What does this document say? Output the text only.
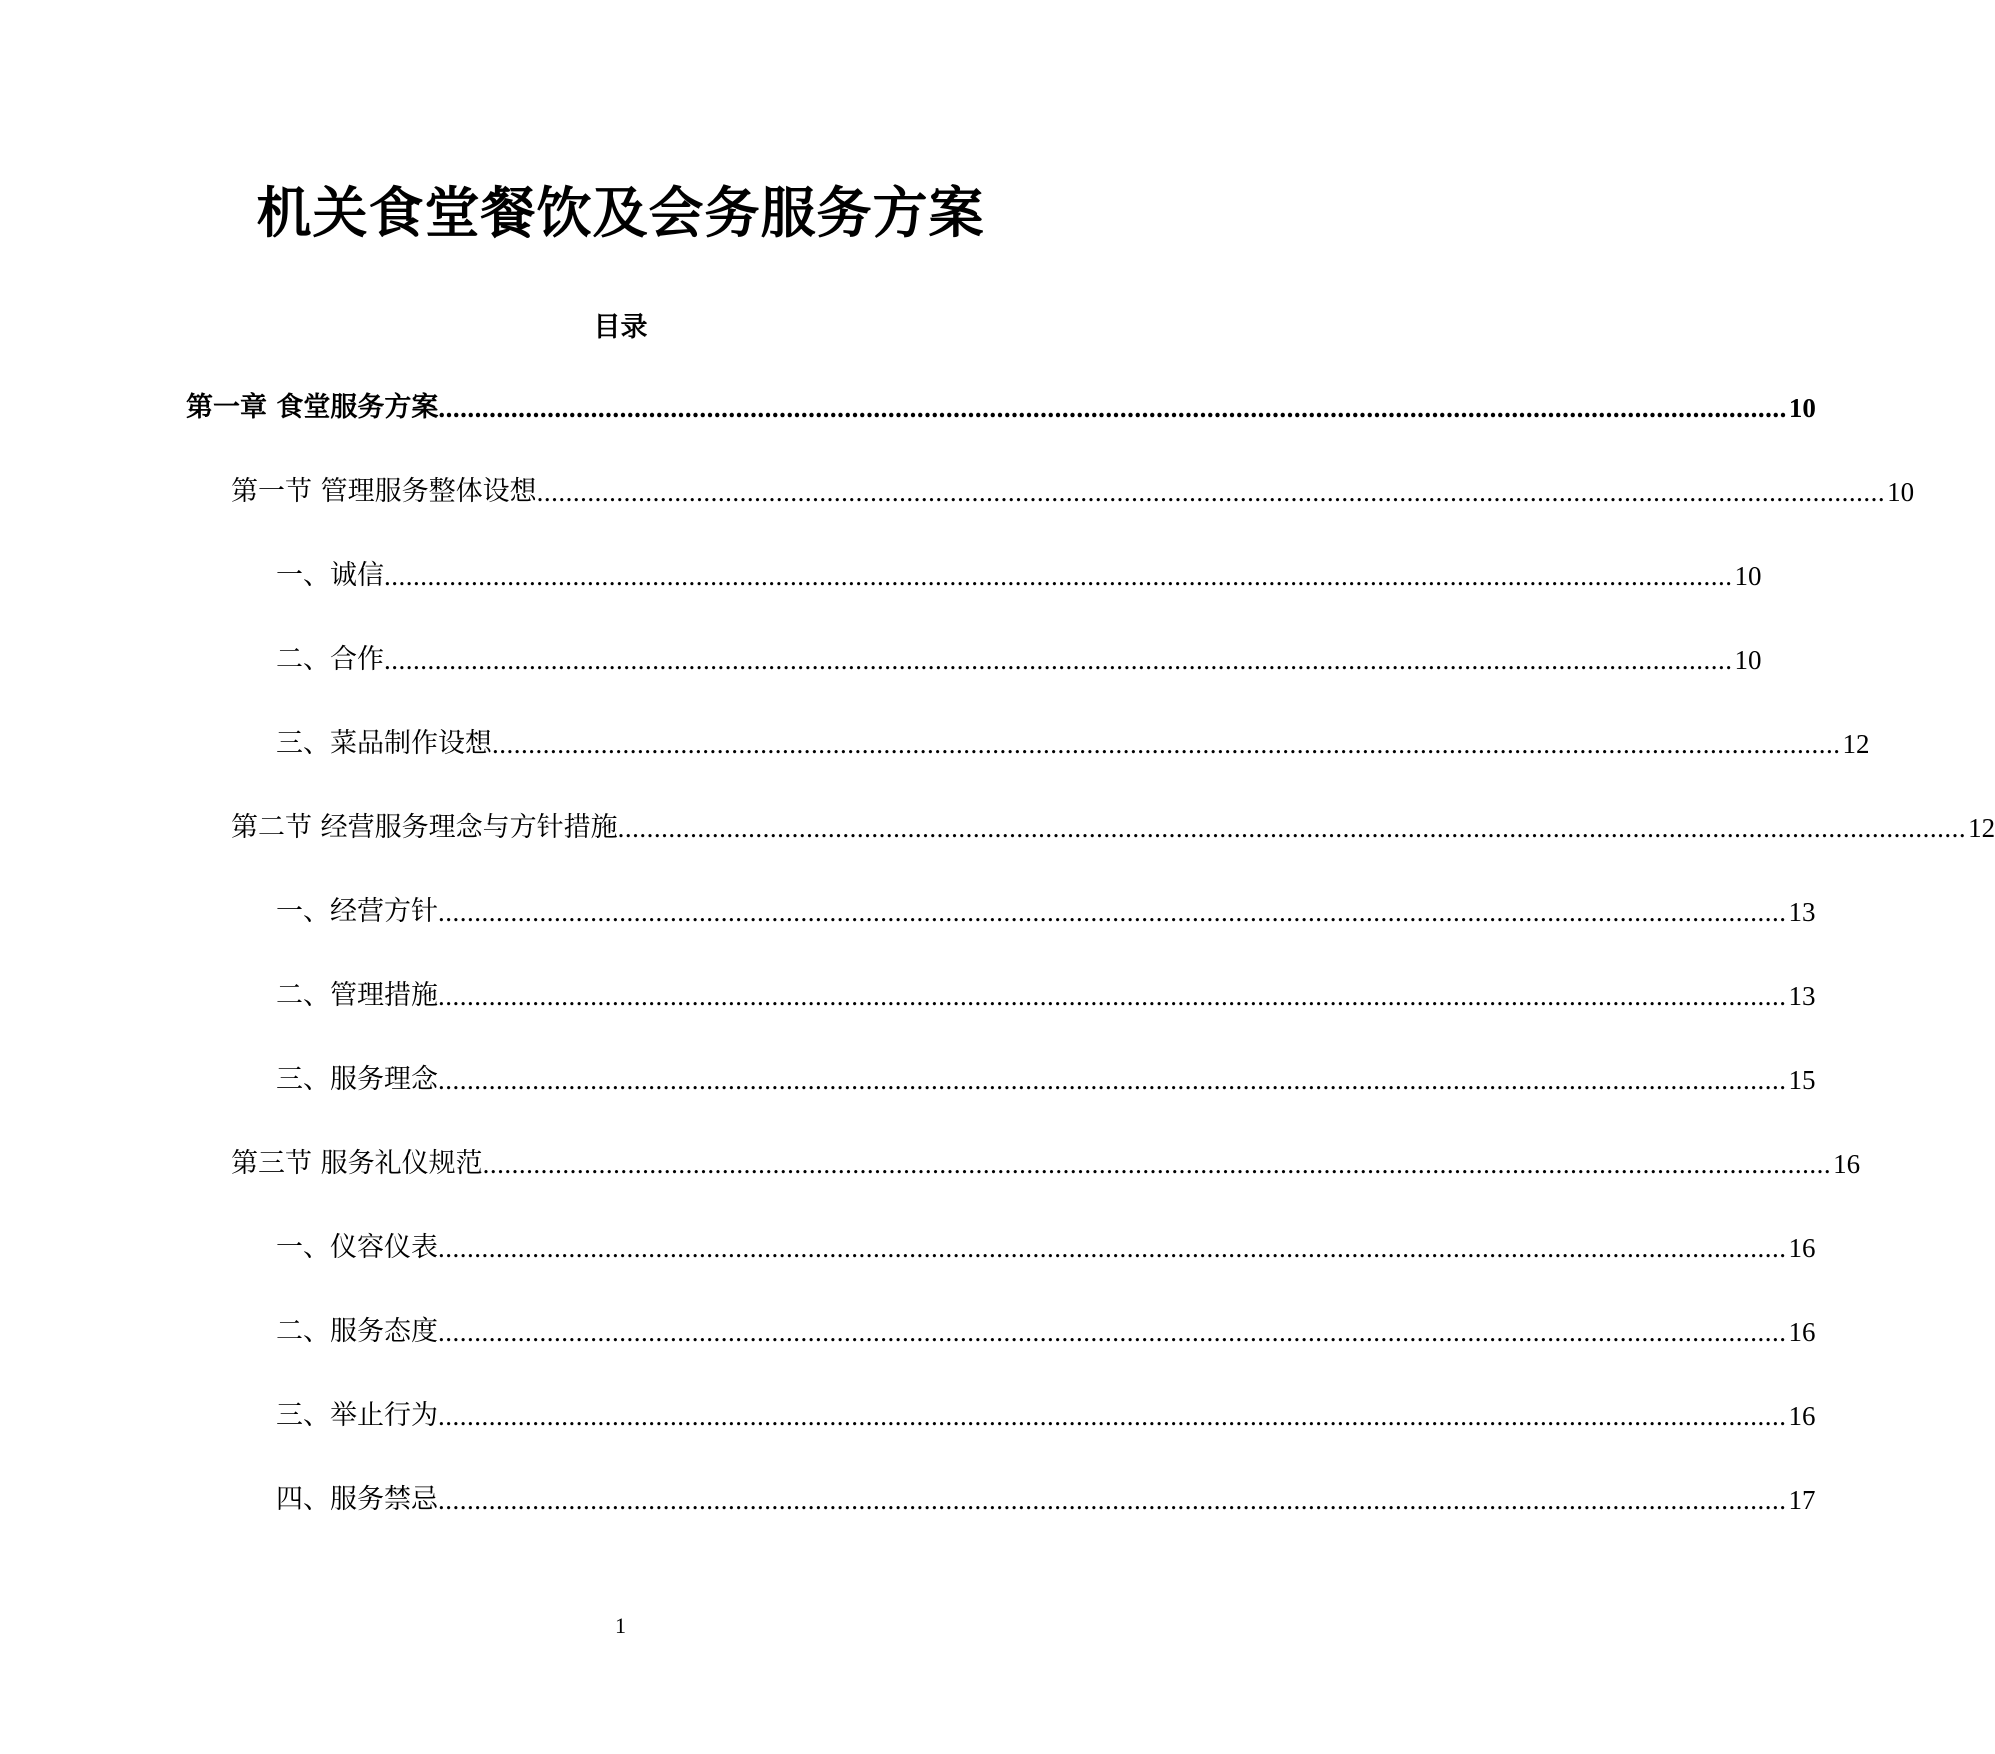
机关食堂餐饮及会务服务方案
目录
第一章 食堂服务方案 .......................................................................................................................................................................................... 10
第一节 管理服务整体设想 .......................................................................................................................................................................................... 10
一、诚信 .......................................................................................................................................................................................... 10
二、合作 .......................................................................................................................................................................................... 10
三、菜品制作设想 .......................................................................................................................................................................................... 12
第二节 经营服务理念与方针措施 .......................................................................................................................................................................................... 12
一、经营方针 .......................................................................................................................................................................................... 13
二、管理措施 .......................................................................................................................................................................................... 13
三、服务理念 .......................................................................................................................................................................................... 15
第三节 服务礼仪规范 .......................................................................................................................................................................................... 16
一、仪容仪表 .......................................................................................................................................................................................... 16
二、服务态度 .......................................................................................................................................................................................... 16
三、举止行为 .......................................................................................................................................................................................... 16
四、服务禁忌 .......................................................................................................................................................................................... 17
1
